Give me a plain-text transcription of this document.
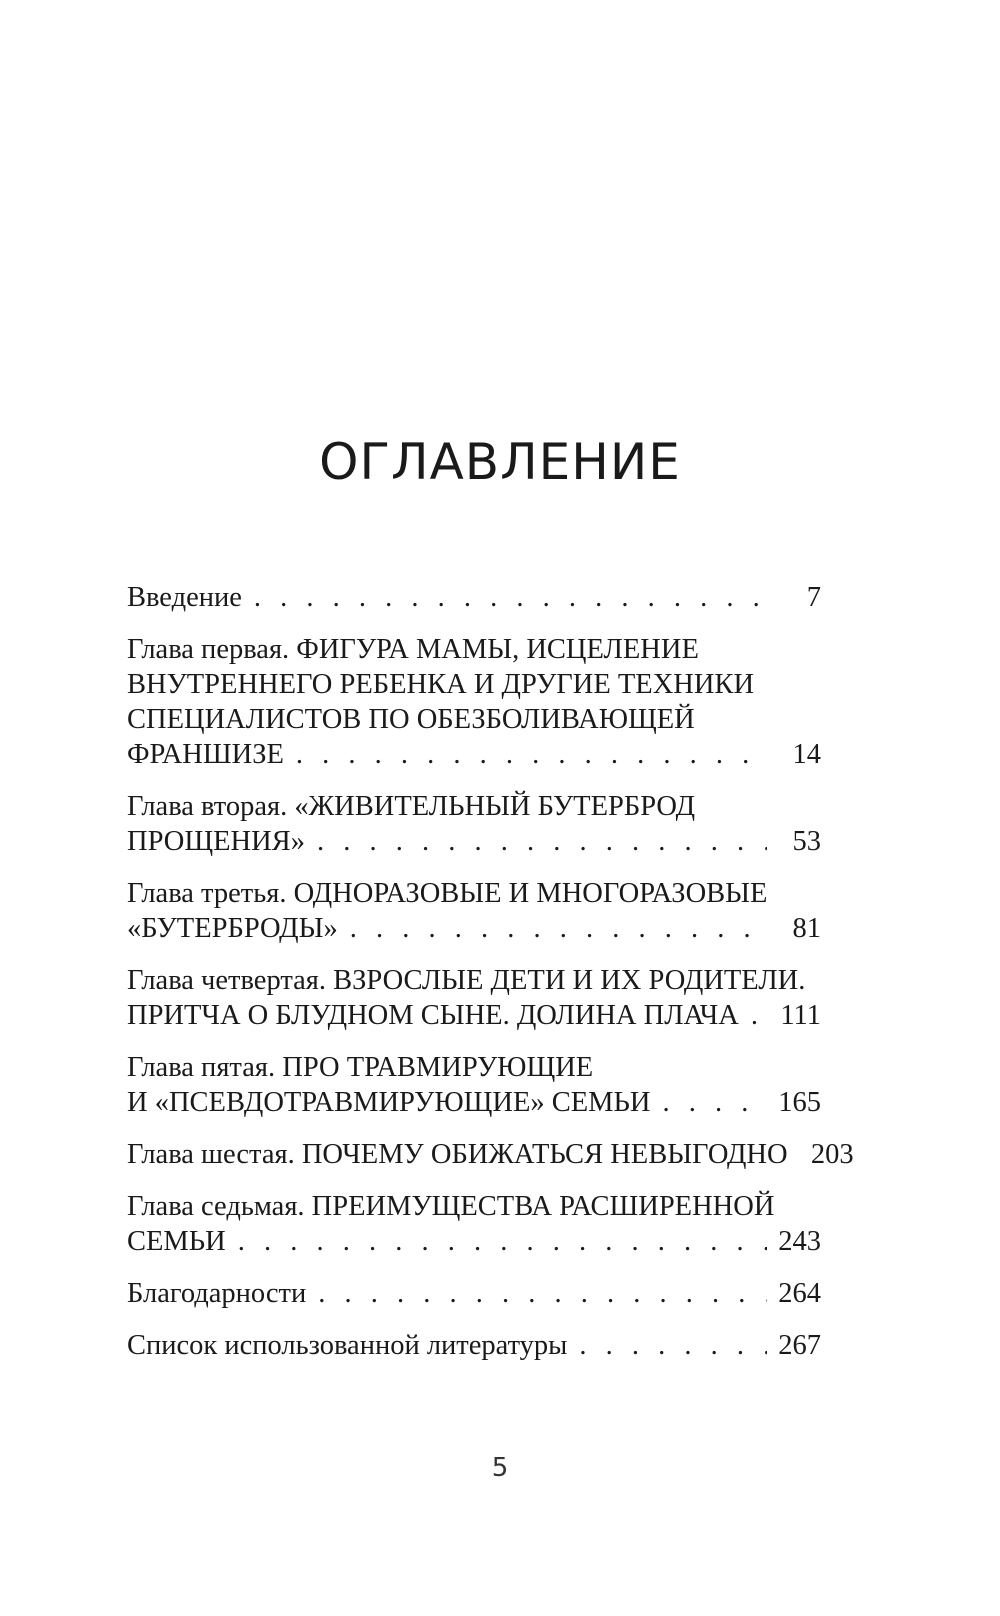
ОГЛАВЛЕНИЕ
Введение . . .	7
Глава первая. ФИГУРА МАМЫ, ИСЦЕЛЕНИЕ
ВНУТРЕННЕГО РЕБЕНКА И ДРУГИЕ ТЕХНИКИ
СПЕЦИАЛИСТОВ ПО ОБЕЗБОЛИВАЮЩЕЙ
ФРАНШИЗЕ . . .	14
Глава вторая. «ЖИВИТЕЛЬНЫЙ БУТЕРБРОД
ПРОЩЕНИЯ» . . .	53
Глава третья. ОДНОРАЗОВЫЕ И МНОГОРАЗОВЫЕ
«БУТЕРБРОДЫ» . . .	81
Глава четвертая. ВЗРОСЛЫЕ ДЕТИ И ИХ РОДИТЕЛИ.
ПРИТЧА О БЛУДНОМ СЫНЕ. ДОЛИНА ПЛАЧА . . . 111
Глава пятая. ПРО ТРАВМИРУЮЩИЕ
И «ПСЕВДОТРАВМИРУЮЩИЕ» СЕМЬИ . . .	165
Глава шестая. ПОЧЕМУ ОБИЖАТЬСЯ НЕВЫГОДНО 203
Глава седьмая. ПРЕИМУЩЕСТВА РАСШИРЕННОЙ
СЕМЬИ . . .	243
Благодарности . . .	264
Список использованной литературы . . .	267
5
